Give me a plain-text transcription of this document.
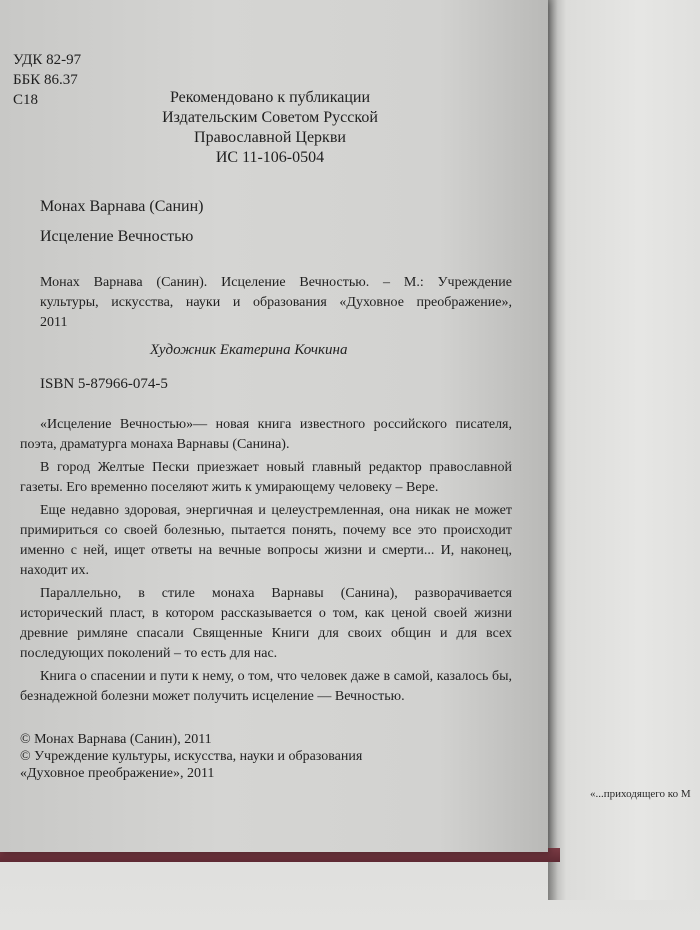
УДК 82-97
ББК 86.37
С18	Рекомендовано к публикации
Издательским Советом Русской
Православной Церкви
ИС 11-106-0504
Монах Варнава (Санин)
Исцеление Вечностью

Монах Варнава (Санин). Исцеление Вечностью. – М.: Учреждение

культуры, искусства, науки и образования «Духовное преображение»,

2011

Художник Екатерина Кочкина
ISBN 5-87966-074-5

«Исцеление Вечностью»— новая книга известного российского писателя, поэта, драматурга монаха Варнавы (Санина).

В город Желтые Пески приезжает новый главный редактор православной газеты. Его временно поселяют жить к умирающему человеку – Вере.

Еще недавно здоровая, энергичная и целеустремленная, она никак не может примириться со своей болезнью, пытается понять, почему все это происходит именно с ней, ищет ответы на вечные вопросы жизни и смерти... И, наконец, находит их.

Параллельно, в стиле монаха Варнавы (Санина), разворачивается исторический пласт, в котором рассказывается о том, как ценой своей жизни древние римляне спасали Священные Книги для своих общин и для всех последующих поколений – то есть для нас.

Книга о спасении и пути к нему, о том, что человек даже в самой, казалось бы, безнадежной болезни может получить исцеление — Вечностью.

© Монах Варнава (Санин), 2011
© Учреждение культуры, искусства, науки и образования
«Духовное преображение», 2011
«...приходящего ко М
